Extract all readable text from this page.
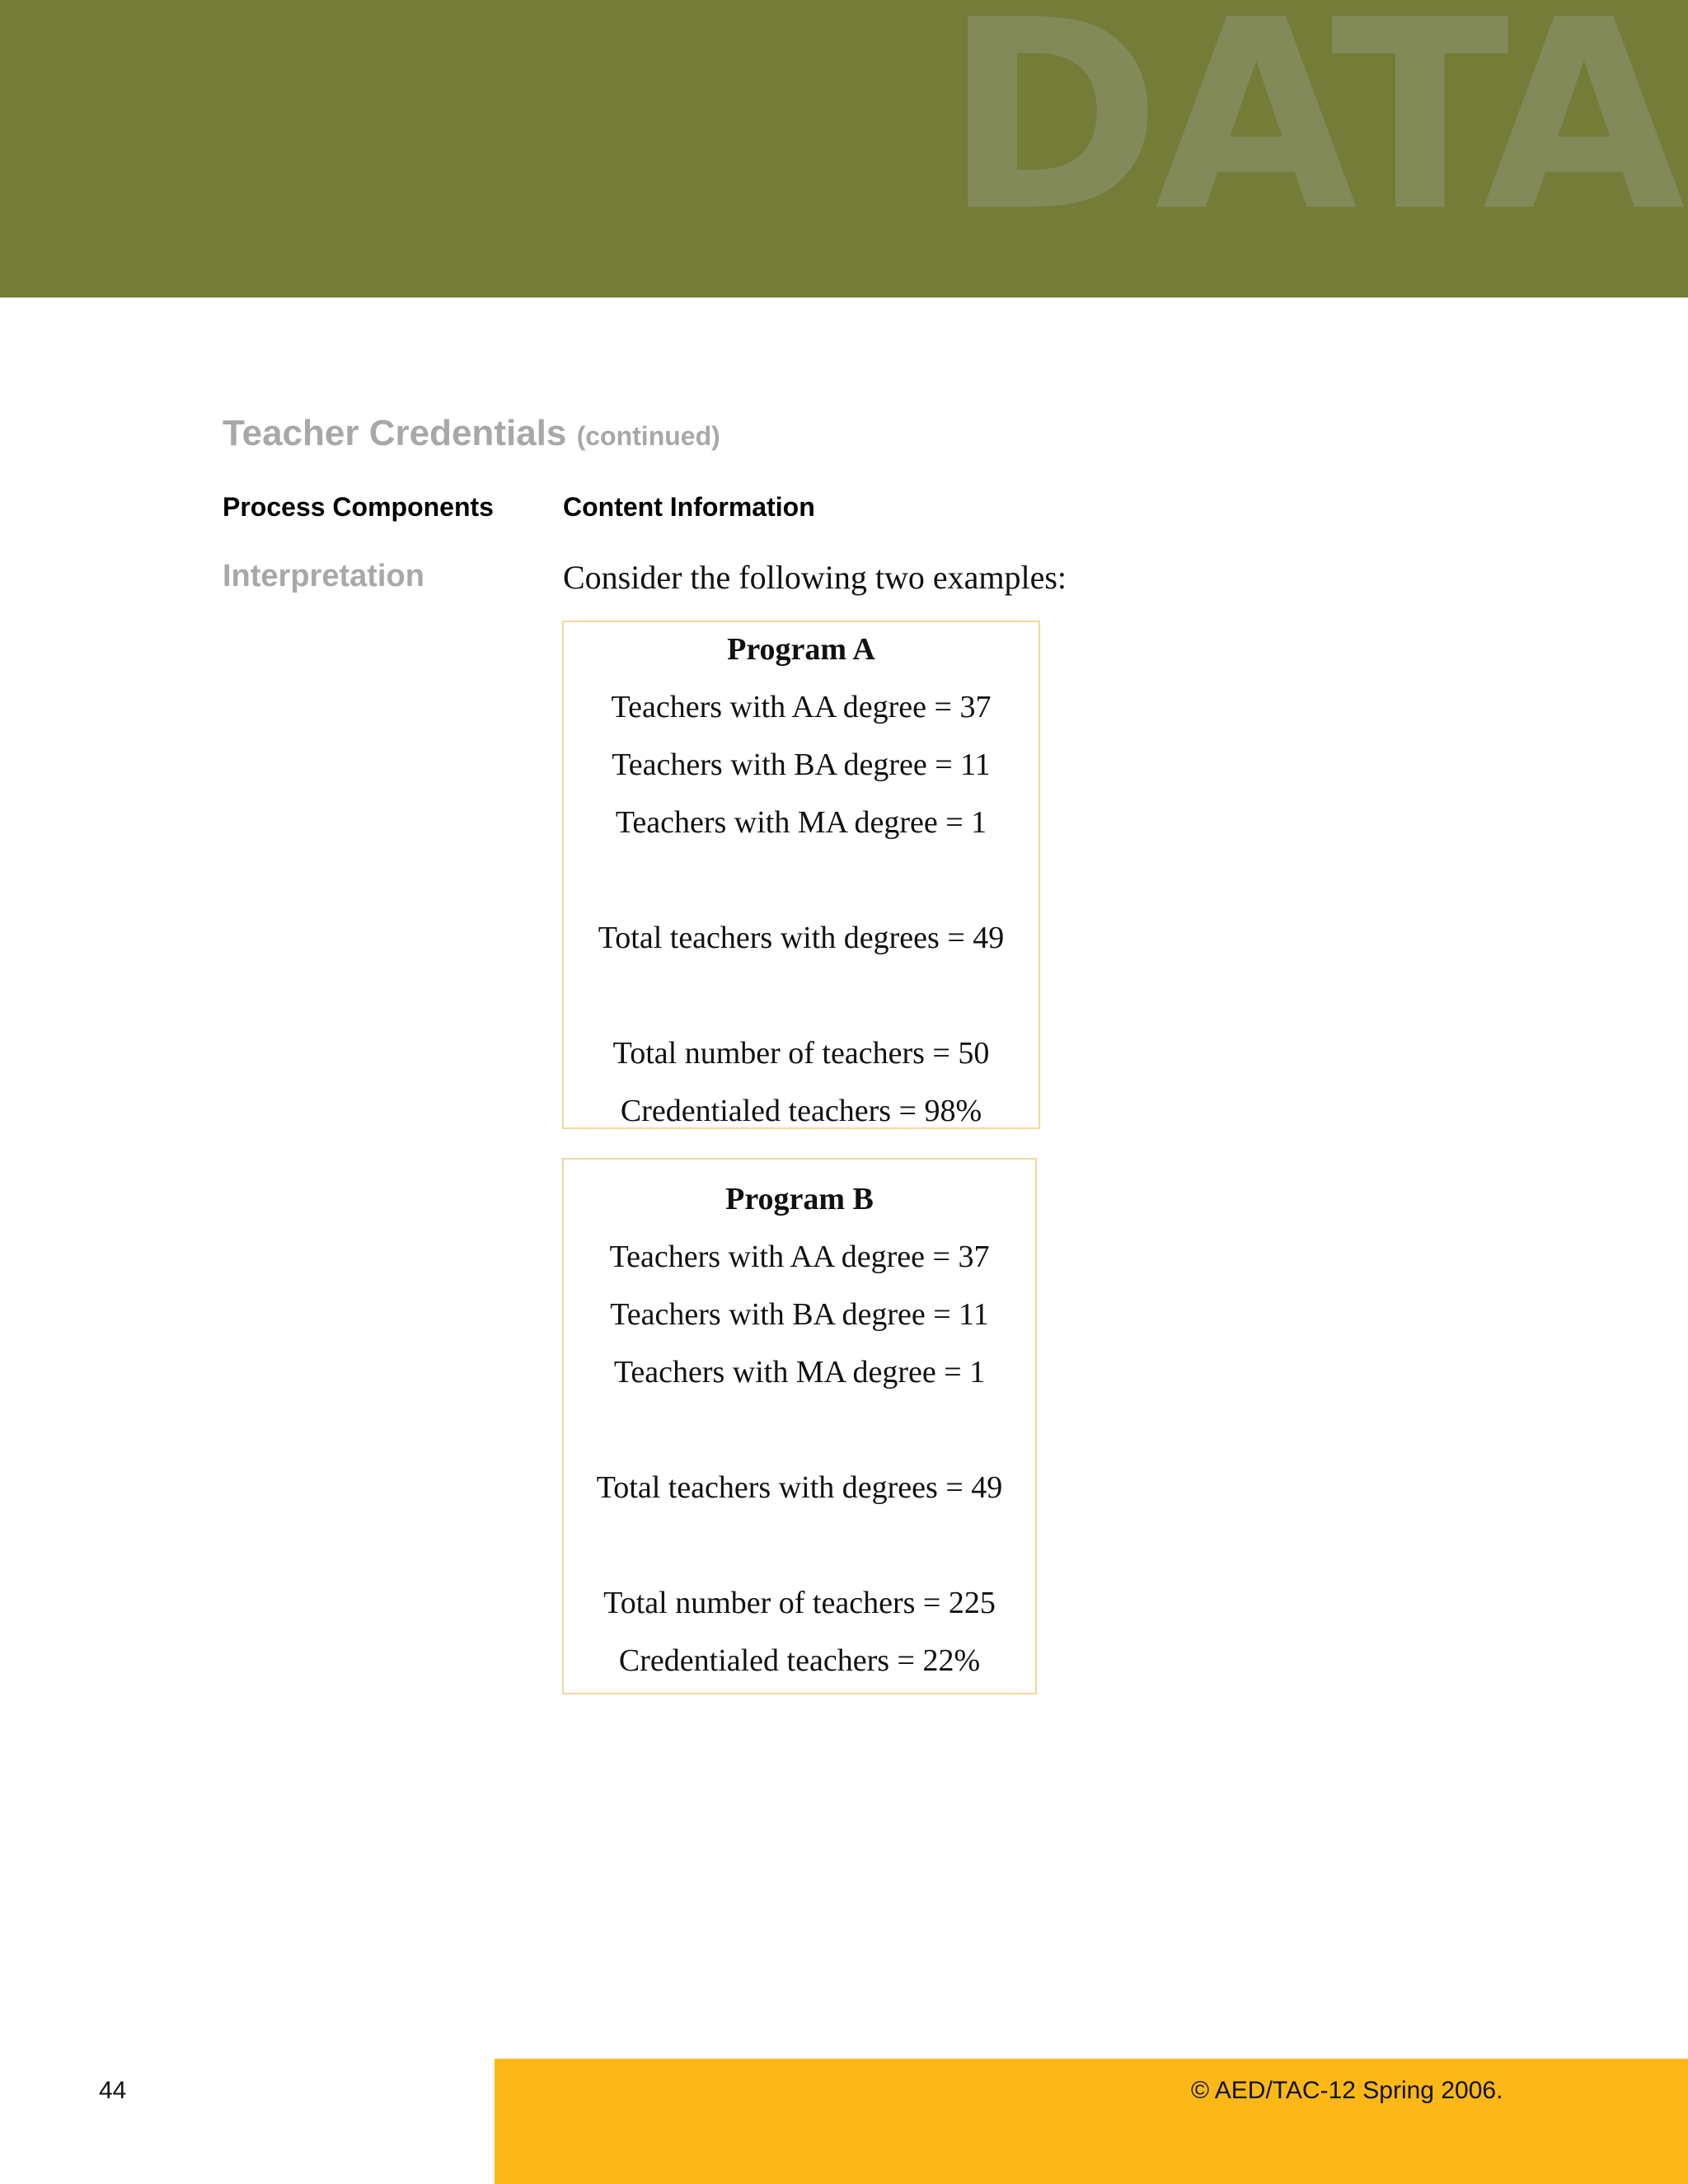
DATA
Teacher Credentials (continued)
Process Components	Content Information
Interpretation	Consider the following two examples:
Program A
Teachers with AA degree = 37
Teachers with BA degree = 11
Teachers with MA degree = 1
Total teachers with degrees = 49
Total number of teachers = 50
Credentialed teachers = 98%
Program B
Teachers with AA degree = 37
Teachers with BA degree = 11
Teachers with MA degree = 1
Total teachers with degrees = 49
Total number of teachers = 225
Credentialed teachers = 22%
44	© AED/TAC-12 Spring 2006.
